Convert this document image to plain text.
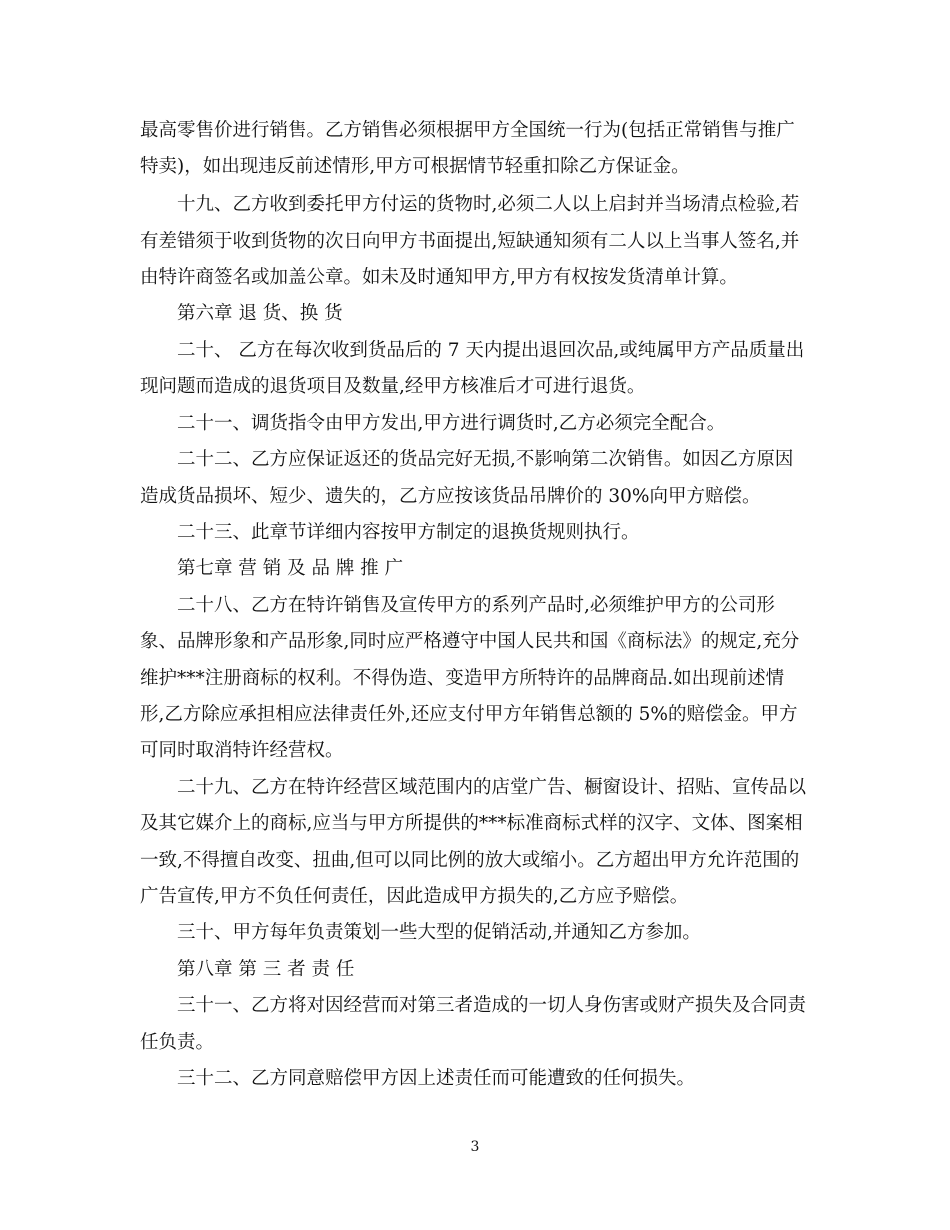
最高零售价进行销售。乙方销售必须根据甲方全国统一行为(包括正常销售与推广
特卖)，如出现违反前述情形,甲方可根据情节轻重扣除乙方保证金。
十九、乙方收到委托甲方付运的货物时,必须二人以上启封并当场清点检验,若
有差错须于收到货物的次日向甲方书面提出,短缺通知须有二人以上当事人签名,并
由特许商签名或加盖公章。如未及时通知甲方,甲方有权按发货清单计算。
第六章 退 货、换 货
二十、 乙方在每次收到货品后的 7 天内提出退回次品,或纯属甲方产品质量出
现问题而造成的退货项目及数量,经甲方核准后才可进行退货。
二十一、调货指令由甲方发出,甲方进行调货时,乙方必须完全配合。
二十二、乙方应保证返还的货品完好无损,不影响第二次销售。如因乙方原因
造成货品损坏、短少、遗失的，乙方应按该货品吊牌价的 30%向甲方赔偿。
二十三、此章节详细内容按甲方制定的退换货规则执行。
第七章 营 销 及 品 牌 推 广
二十八、乙方在特许销售及宣传甲方的系列产品时,必须维护甲方的公司形
象、品牌形象和产品形象,同时应严格遵守中国人民共和国《商标法》的规定,充分
维护***注册商标的权利。不得伪造、变造甲方所特许的品牌商品.如出现前述情
形,乙方除应承担相应法律责任外,还应支付甲方年销售总额的 5%的赔偿金。甲方
可同时取消特许经营权。
二十九、乙方在特许经营区域范围内的店堂广告、橱窗设计、招贴、宣传品以
及其它媒介上的商标,应当与甲方所提供的***标准商标式样的汉字、文体、图案相
一致,不得擅自改变、扭曲,但可以同比例的放大或缩小。乙方超出甲方允许范围的
广告宣传,甲方不负任何责任，因此造成甲方损失的,乙方应予赔偿。
三十、甲方每年负责策划一些大型的促销活动,并通知乙方参加。
第八章 第 三 者 责 任
三十一、乙方将对因经营而对第三者造成的一切人身伤害或财产损失及合同责
任负责。
三十二、乙方同意赔偿甲方因上述责任而可能遭致的任何损失。
3
